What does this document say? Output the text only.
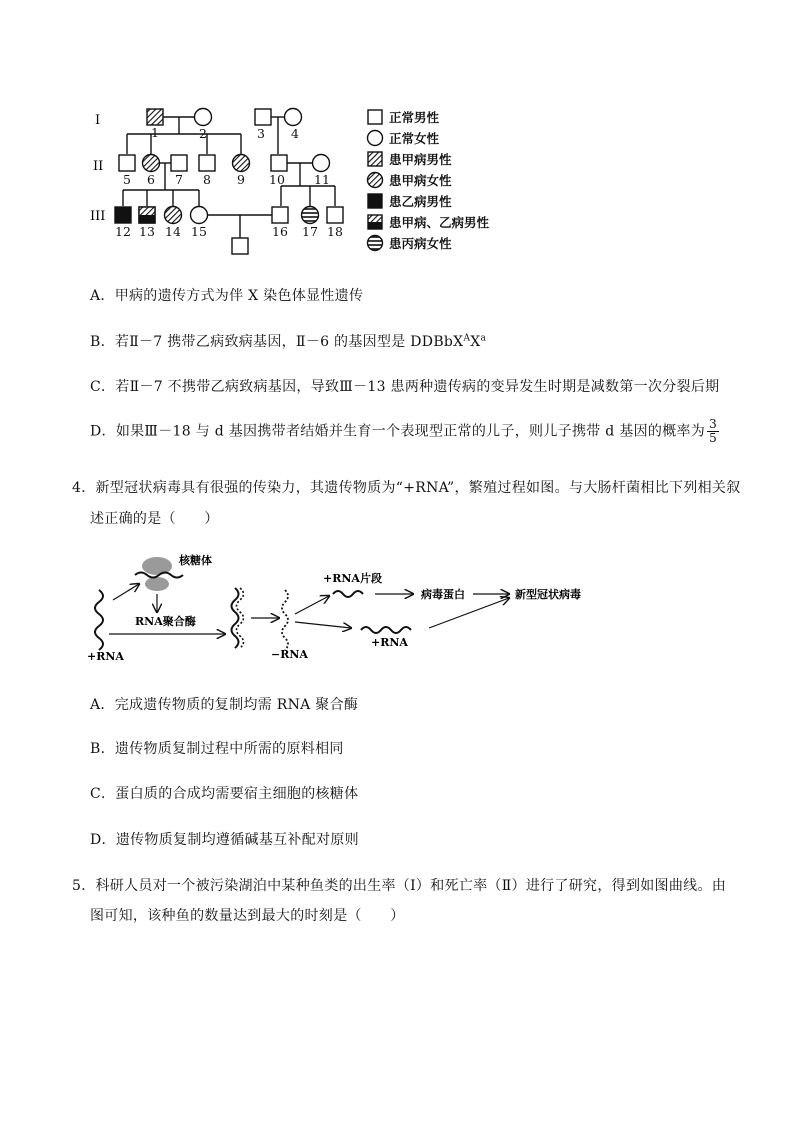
I
II
III
1	2	3 4
5 6 7 8 9 10 11
12 13 14 15	16 17 18
正常男性
正常女性
患甲病男性
患甲病女性
患乙病男性
患甲病、乙病男性
患丙病女性
A．甲病的遗传方式为伴 X 染色体显性遗传
B．若Ⅱ－7 携带乙病致病基因，Ⅱ－6 的基因型是 $DDBbX^AX^a$
C．若Ⅱ－7 不携带乙病致病基因，导致Ⅲ－13 患两种遗传病的变异发生时期是减数第一次分裂后期
D．如果Ⅲ－18 与 d 基因携带者结婚并生育一个表现型正常的儿子，则儿子携带 d 基因的概率为 $\frac{3}{5}$
4．新型冠状病毒具有很强的传染力，其遗传物质为“+RNA”，繁殖过程如图。与大肠杆菌相比下列相关叙
述正确的是（　　）
核糖体
+RNA
RNA聚合酶
−RNA
+RNA片段
病毒蛋白	新型冠状病毒
+RNA
A．完成遗传物质的复制均需 RNA 聚合酶
B．遗传物质复制过程中所需的原料相同
C．蛋白质的合成均需要宿主细胞的核糖体
D．遗传物质复制均遵循碱基互补配对原则
5．科研人员对一个被污染湖泊中某种鱼类的出生率（Ⅰ）和死亡率（Ⅱ）进行了研究，得到如图曲线。由
图可知，该种鱼的数量达到最大的时刻是（　　）
